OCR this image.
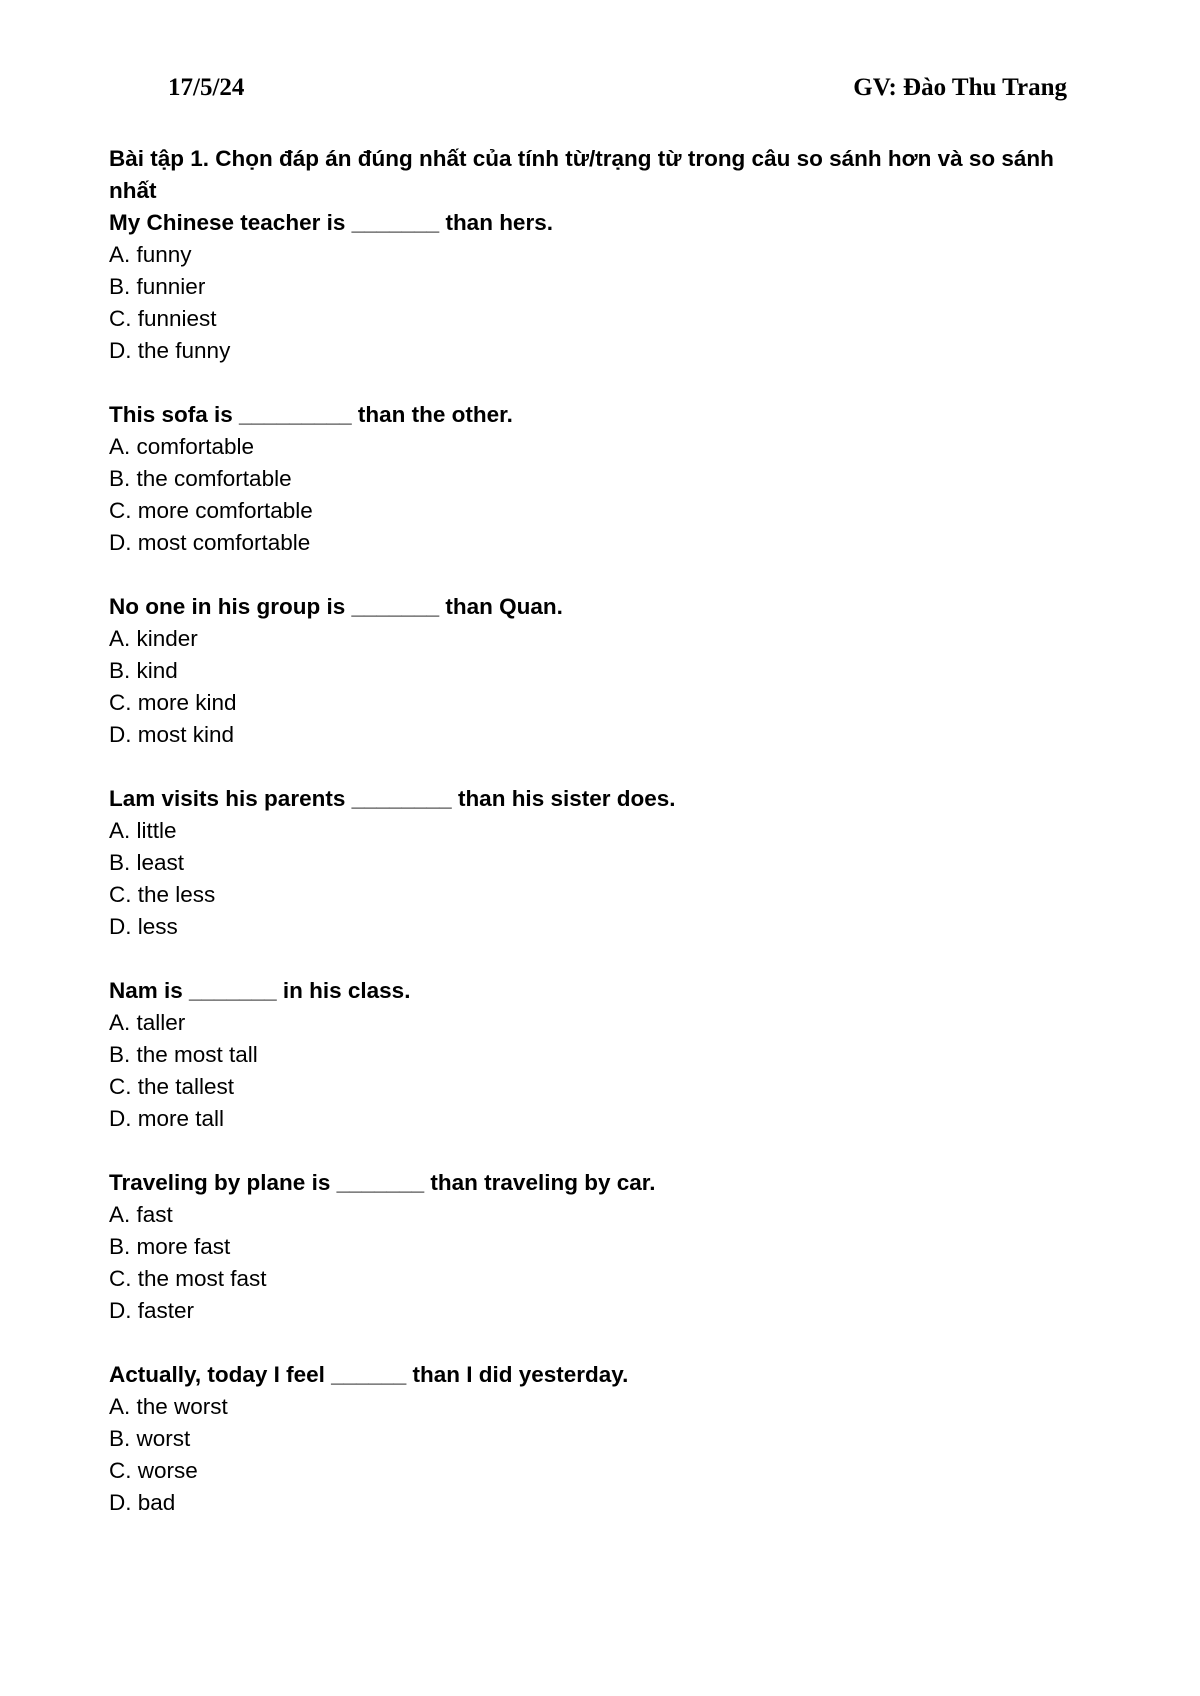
17/5/24	GV: Đào Thu Trang

Bài tập 1. Chọn đáp án đúng nhất của tính từ/trạng từ trong câu so sánh hơn và so sánh nhất

My Chinese teacher is _______ than hers.
A. funny
B. funnier
C. funniest
D. the funny
This sofa is _________ than the other.
A. comfortable
B. the comfortable
C. more comfortable
D. most comfortable
No one in his group is _______ than Quan.
A. kinder
B. kind
C. more kind
D. most kind
Lam visits his parents ________ than his sister does.
A. little
B. least
C. the less
D. less
Nam is _______ in his class.
A. taller
B. the most tall
C. the tallest
D. more tall
Traveling by plane is _______ than traveling by car.
A. fast
B. more fast
C. the most fast
D. faster
Actually, today I feel ______ than I did yesterday.
A. the worst
B. worst
C. worse
D. bad
